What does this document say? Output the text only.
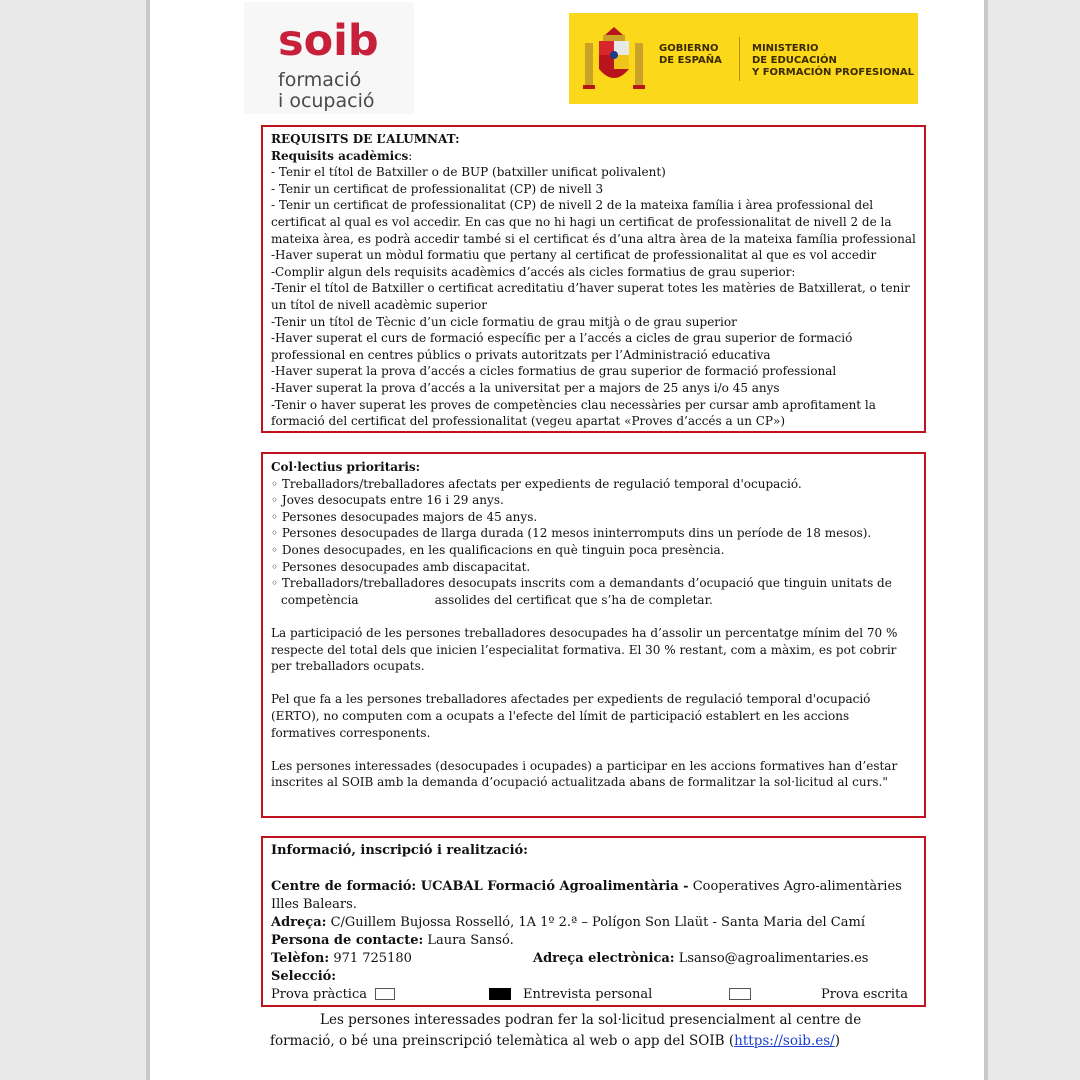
soib
formació
i ocupació
GOBIERNO
DE ESPAÑA
MINISTERIO
DE EDUCACIÓN
Y FORMACIÓN PROFESIONAL
REQUISITS DE L’ALUMNAT:
Requisits acadèmics:
- Tenir el títol de Batxiller o de BUP (batxiller unificat polivalent)
- Tenir un certificat de professionalitat (CP) de nivell 3
- Tenir un certificat de professionalitat (CP) de nivell 2 de la mateixa família i àrea professional del certificat al qual es vol accedir. En cas que no hi hagi un certificat de professionalitat de nivell 2 de la mateixa àrea, es podrà accedir també si el certificat és d’una altra àrea de la mateixa família professional
-Haver superat un mòdul formatiu que pertany al certificat de professionalitat al que es vol accedir
-Complir algun dels requisits acadèmics d’accés als cicles formatius de grau superior:
-Tenir el títol de Batxiller o certificat acreditatiu d’haver superat totes les matèries de Batxillerat, o tenir un títol de nivell acadèmic superior
-Tenir un títol de Tècnic d’un cicle formatiu de grau mitjà o de grau superior
-Haver superat el curs de formació específic per a l’accés a cicles de grau superior de formació professional en centres públics o privats autoritzats per l’Administració educativa
-Haver superat la prova d’accés a cicles formatius de grau superior de formació professional
-Haver superat la prova d’accés a la universitat per a majors de 25 anys i/o 45 anys
-Tenir o haver superat les proves de competències clau necessàries per cursar amb aprofitament la formació del certificat del professionalitat (vegeu apartat «Proves d’accés a un CP»)
Col·lectius prioritaris:
◦ Treballadors/treballadores afectats per expedients de regulació temporal d'ocupació.
◦ Joves desocupats entre 16 i 29 anys.
◦ Persones desocupades majors de 45 anys.
◦ Persones desocupades de llarga durada (12 mesos ininterromputs dins un període de 18 mesos).
◦ Dones desocupades, en les qualificacions en què tinguin poca presència.
◦ Persones desocupades amb discapacitat.
◦ Treballadors/treballadores desocupats inscrits com a demandants d’ocupació que tinguin unitats de competència                    assolides del certificat que s’ha de completar.
La participació de les persones treballadores desocupades ha d’assolir un percentatge mínim del 70 % respecte del total dels que inicien l’especialitat formativa. El 30 % restant, com a màxim, es pot cobrir per treballadors ocupats.
Pel que fa a les persones treballadores afectades per expedients de regulació temporal d'ocupació (ERTO), no computen com a ocupats a l'efecte del límit de participació establert en les accions formatives corresponents.
Les persones interessades (desocupades i ocupades) a participar en les accions formatives han d’estar inscrites al SOIB amb la demanda d’ocupació actualitzada abans de formalitzar la sol·licitud al curs."
Informació, inscripció i realització:
Centre de formació: UCABAL Formació Agroalimentària - Cooperatives Agro-alimentàries Illes Balears.
Adreça: C/Guillem Bujossa Rosselló, 1A 1º 2.ª – Polígon Son Llaüt - Santa Maria del Camí
Persona de contacte: Laura Sansó.
Telèfon: 971 725180	Adreça electrònica: Lsanso@agroalimentaries.es
Selecció:
Prova pràctica	Entrevista personal	Prova escrita
Les persones interessades podran fer la sol·licitud presencialment al centre de formació, o bé una preinscripció telemàtica al web o app del SOIB (https://soib.es/)
